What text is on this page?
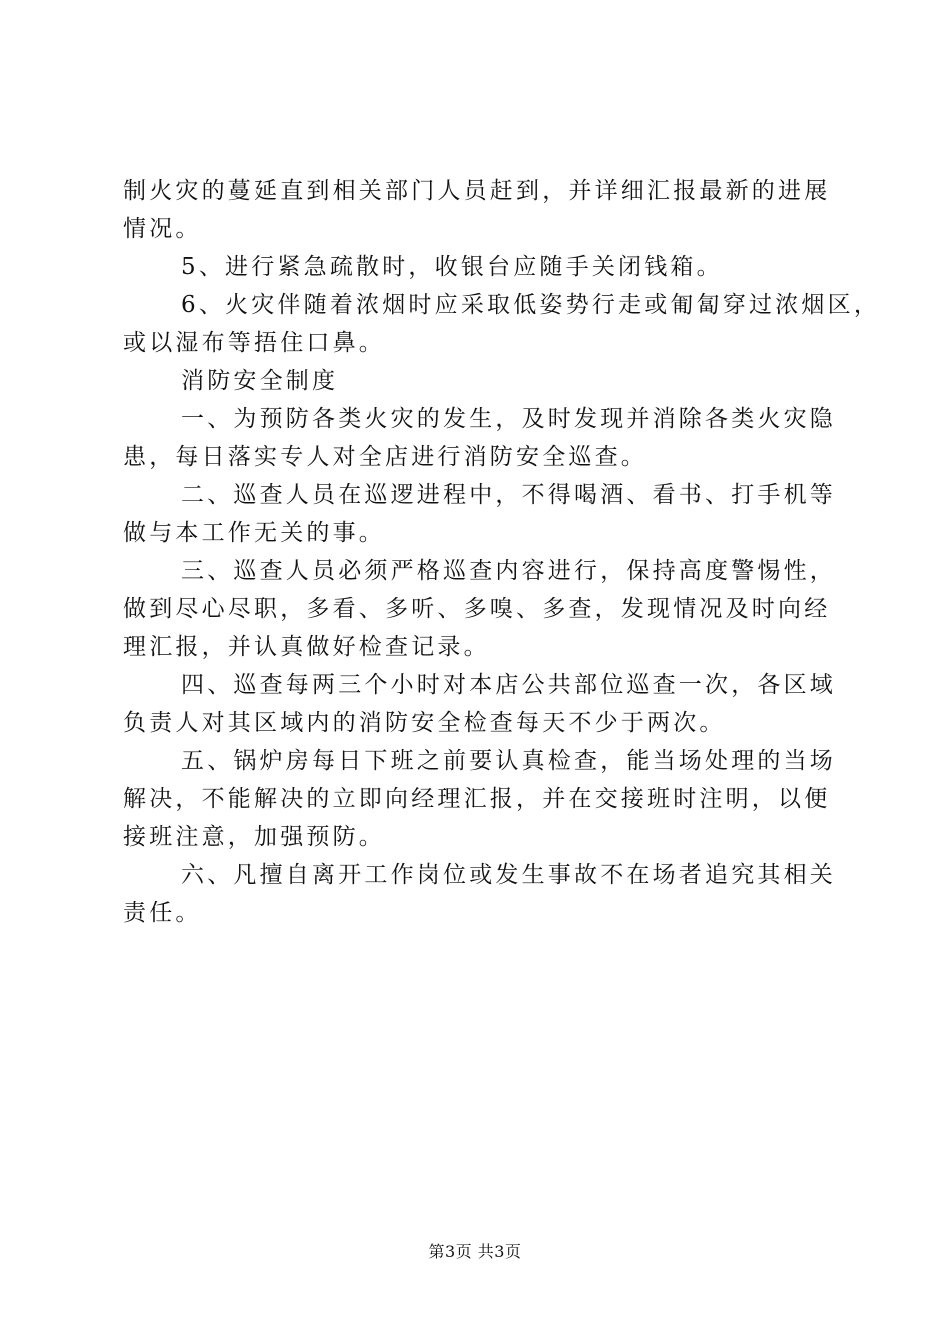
制火灾的蔓延直到相关部门人员赶到，并详细汇报最新的进展
情况。
5、进行紧急疏散时，收银台应随手关闭钱箱。
6、火灾伴随着浓烟时应采取低姿势行走或匍匐穿过浓烟区，
或以湿布等捂住口鼻。
消防安全制度
一、为预防各类火灾的发生，及时发现并消除各类火灾隐
患，每日落实专人对全店进行消防安全巡查。
二、巡查人员在巡逻进程中，不得喝酒、看书、打手机等
做与本工作无关的事。
三、巡查人员必须严格巡查内容进行，保持高度警惕性，
做到尽心尽职，多看、多听、多嗅、多查，发现情况及时向经
理汇报，并认真做好检查记录。
四、巡查每两三个小时对本店公共部位巡查一次，各区域
负责人对其区域内的消防安全检查每天不少于两次。
五、锅炉房每日下班之前要认真检查，能当场处理的当场
解决，不能解决的立即向经理汇报，并在交接班时注明，以便
接班注意，加强预防。
六、凡擅自离开工作岗位或发生事故不在场者追究其相关
责任。
第3页 共3页
